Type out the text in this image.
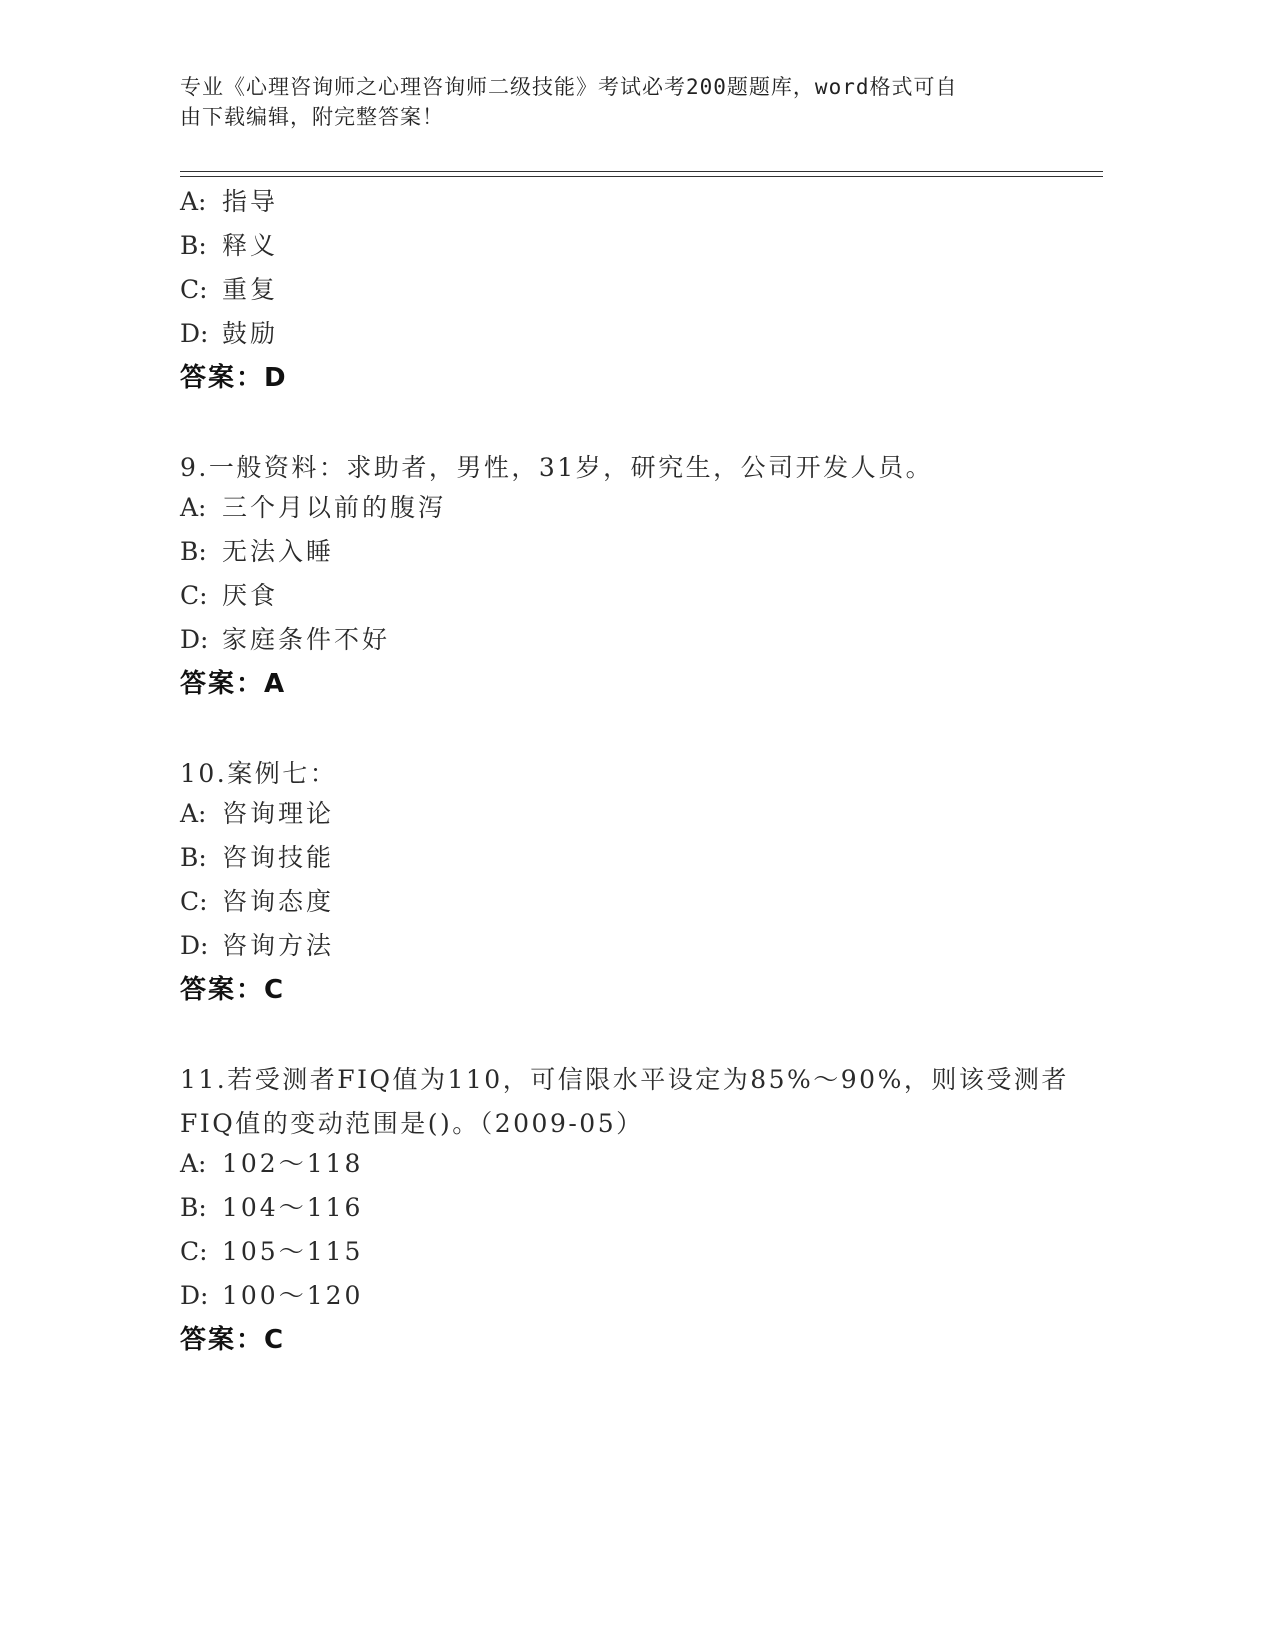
专业《心理咨询师之心理咨询师二级技能》考试必考200题题库，word格式可自
由下载编辑，附完整答案！
A: 指导
B: 释义
C: 重复
D: 鼓励
答案：D
9.一般资料：求助者，男性，31岁，研究生，公司开发人员。
A: 三个月以前的腹泻
B: 无法入睡
C: 厌食
D: 家庭条件不好
答案：A
10.案例七：
A: 咨询理论
B: 咨询技能
C: 咨询态度
D: 咨询方法
答案：C
11.若受测者FIQ值为110，可信限水平设定为85%～90%，则该受测者
FIQ值的变动范围是()。（2009-05）
A: 102～118
B: 104～116
C: 105～115
D: 100～120
答案：C
